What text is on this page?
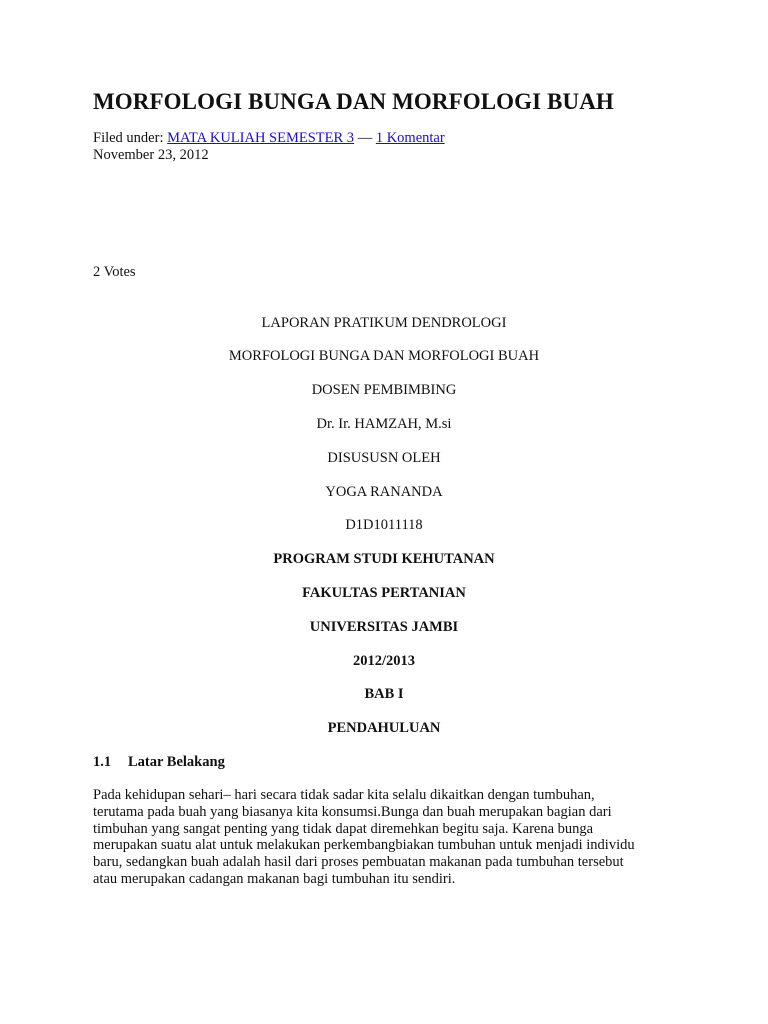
MORFOLOGI BUNGA DAN MORFOLOGI BUAH
Filed under: MATA KULIAH SEMESTER 3 — 1 Komentar
November 23, 2012
2 Votes
LAPORAN PRATIKUM DENDROLOGI
MORFOLOGI BUNGA DAN MORFOLOGI BUAH
DOSEN PEMBIMBING
Dr. Ir. HAMZAH, M.si
DISUSUSN OLEH
YOGA RANANDA
D1D1011118
PROGRAM STUDI KEHUTANAN
FAKULTAS PERTANIAN
UNIVERSITAS JAMBI
2012/2013
BAB I
PENDAHULUAN
1.1 Latar Belakang
Pada kehidupan sehari– hari secara tidak sadar kita selalu dikaitkan dengan tumbuhan,
terutama pada buah yang biasanya kita konsumsi.Bunga dan buah merupakan bagian dari
timbuhan yang sangat penting yang tidak dapat diremehkan begitu saja. Karena bunga
merupakan suatu alat untuk melakukan perkembangbiakan tumbuhan untuk menjadi individu
baru, sedangkan buah adalah hasil dari proses pembuatan makanan pada tumbuhan tersebut
atau merupakan cadangan makanan bagi tumbuhan itu sendiri.
